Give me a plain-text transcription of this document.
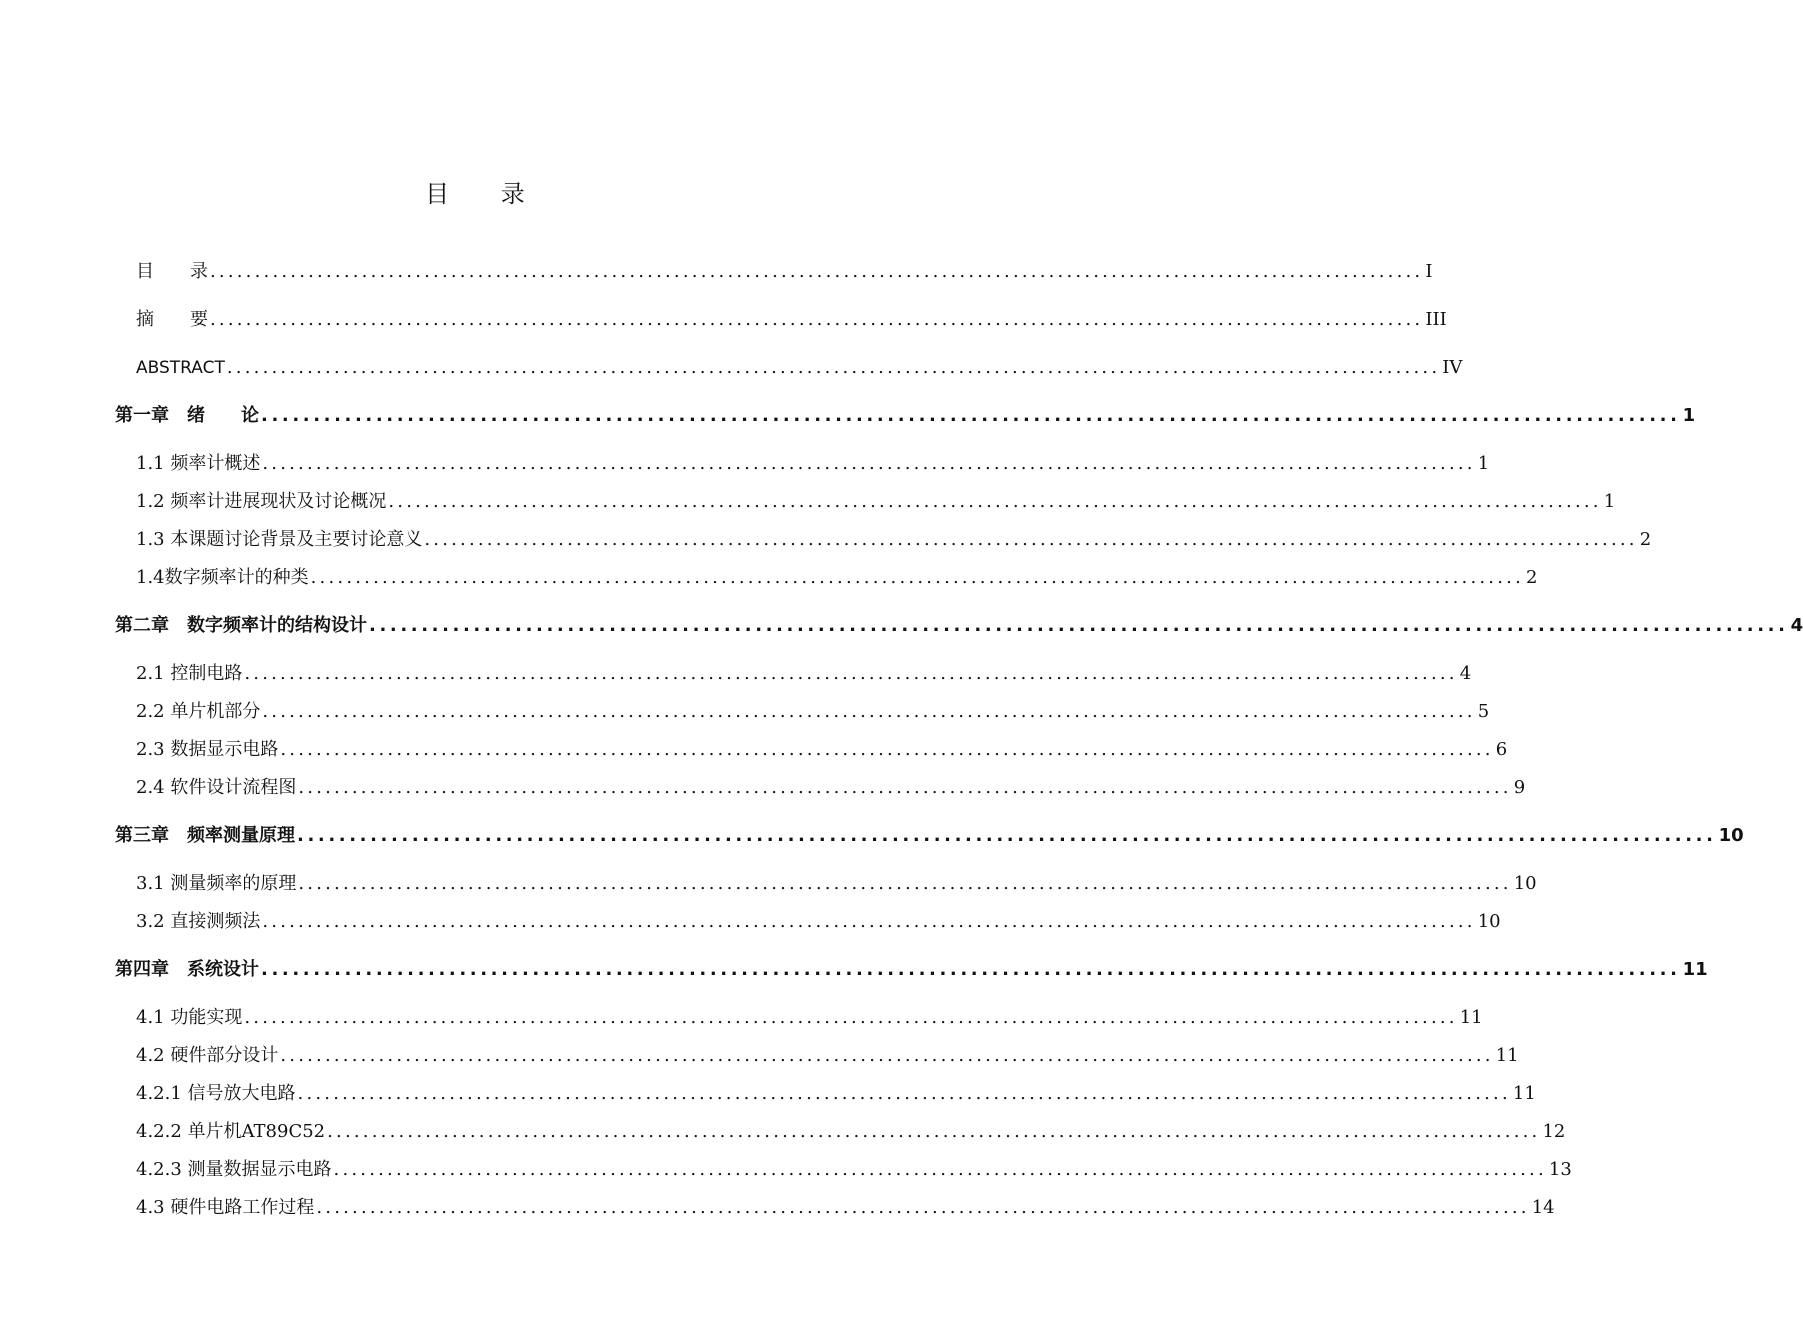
目 录
目　　录 ........................................................................................................................................ I
摘　　要 ........................................................................................................................................ III
ABSTRACT ........................................................................................................................................ IV
第一章　绪　　论 ........................................................................................................................................ 1
1.1 频率计概述 ........................................................................................................................................ 1
1.2 频率计进展现状及讨论概况 ........................................................................................................................................ 1
1.3 本课题讨论背景及主要讨论意义 ........................................................................................................................................ 2
1.4数字频率计的种类 ........................................................................................................................................ 2
第二章　数字频率计的结构设计 ........................................................................................................................................ 4
2.1 控制电路 ........................................................................................................................................ 4
2.2 单片机部分 ........................................................................................................................................ 5
2.3 数据显示电路 ........................................................................................................................................ 6
2.4 软件设计流程图 ........................................................................................................................................ 9
第三章　频率测量原理 ........................................................................................................................................ 10
3.1 测量频率的原理 ........................................................................................................................................ 10
3.2 直接测频法 ........................................................................................................................................ 10
第四章　系统设计 ........................................................................................................................................ 11
4.1 功能实现 ........................................................................................................................................ 11
4.2 硬件部分设计 ........................................................................................................................................ 11
4.2.1 信号放大电路 ........................................................................................................................................ 11
4.2.2 单片机AT89C52 ........................................................................................................................................ 12
4.2.3 测量数据显示电路 ........................................................................................................................................ 13
4.3 硬件电路工作过程 ........................................................................................................................................ 14
